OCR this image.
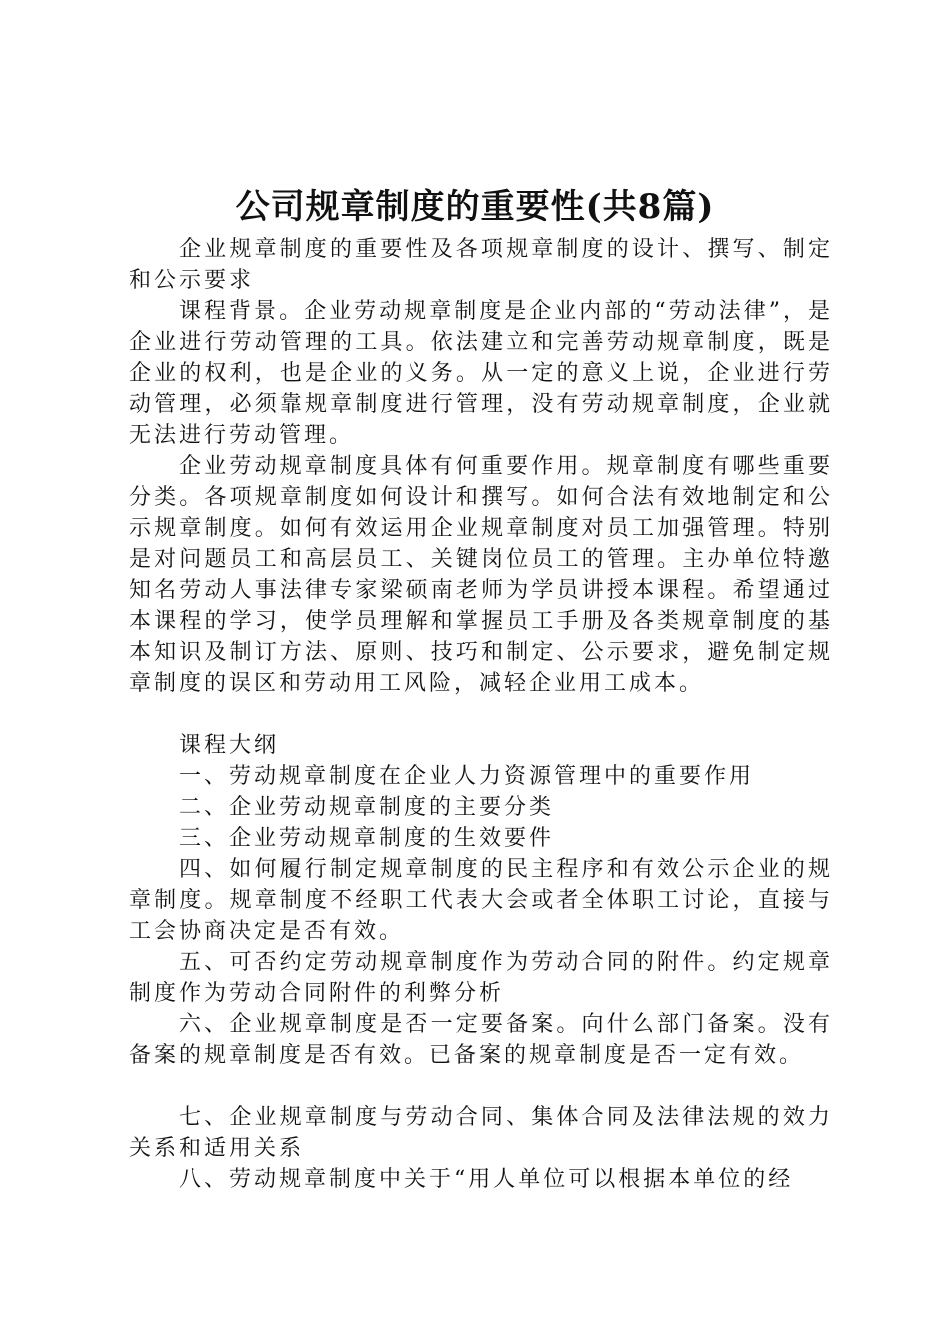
公司规章制度的重要性(共8篇)

企业规章制度的重要性及各项规章制度的设计、撰写、制定和公示要求

课程背景。企业劳动规章制度是企业内部的“劳动法律”，是企业进行劳动管理的工具。依法建立和完善劳动规章制度，既是企业的权利，也是企业的义务。从一定的意义上说，企业进行劳动管理，必须靠规章制度进行管理，没有劳动规章制度，企业就无法进行劳动管理。

企业劳动规章制度具体有何重要作用。规章制度有哪些重要分类。各项规章制度如何设计和撰写。如何合法有效地制定和公示规章制度。如何有效运用企业规章制度对员工加强管理。特别是对问题员工和高层员工、关键岗位员工的管理。主办单位特邀知名劳动人事法律专家梁硕南老师为学员讲授本课程。希望通过本课程的学习，使学员理解和掌握员工手册及各类规章制度的基本知识及制订方法、原则、技巧和制定、公示要求，避免制定规章制度的误区和劳动用工风险，减轻企业用工成本。

课程大纲

一、劳动规章制度在企业人力资源管理中的重要作用

二、企业劳动规章制度的主要分类

三、企业劳动规章制度的生效要件

四、如何履行制定规章制度的民主程序和有效公示企业的规章制度。规章制度不经职工代表大会或者全体职工讨论，直接与工会协商决定是否有效。

五、可否约定劳动规章制度作为劳动合同的附件。约定规章制度作为劳动合同附件的利弊分析

六、企业规章制度是否一定要备案。向什么部门备案。没有备案的规章制度是否有效。已备案的规章制度是否一定有效。

七、企业规章制度与劳动合同、集体合同及法律法规的效力关系和适用关系

八、劳动规章制度中关于“用人单位可以根据本单位的经
